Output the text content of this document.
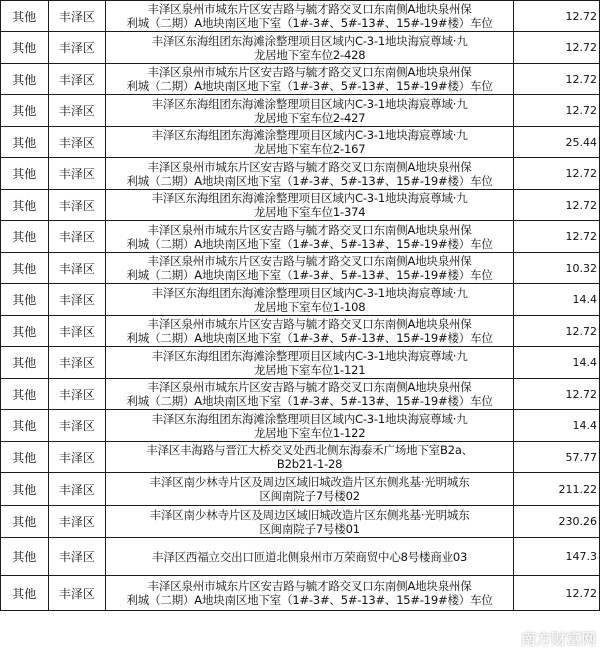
其他	丰泽区	丰泽区泉州市城东片区安吉路与毓才路交叉口东南侧A地块泉州保
利城（二期）A地块南区地下室（1#-3#、5#-13#、15#-19#楼）车位	12.72
其他	丰泽区	丰泽区东海组团东海滩涂整理项目区域内C-3-1地块海宸尊域·九
龙居地下室车位2-428	12.72
其他	丰泽区	丰泽区泉州市城东片区安吉路与毓才路交叉口东南侧A地块泉州保
利城（二期）A地块南区地下室（1#-3#、5#-13#、15#-19#楼）车位	12.72
其他	丰泽区	丰泽区东海组团东海滩涂整理项目区域内C-3-1地块海宸尊域·九
龙居地下室车位2-427	12.72
其他	丰泽区	丰泽区东海组团东海滩涂整理项目区域内C-3-1地块海宸尊域·九
龙居地下室车位2-167	25.44
其他	丰泽区	丰泽区泉州市城东片区安吉路与毓才路交叉口东南侧A地块泉州保
利城（二期）A地块南区地下室（1#-3#、5#-13#、15#-19#楼）车位	12.72
其他	丰泽区	丰泽区东海组团东海滩涂整理项目区域内C-3-1地块海宸尊域·九
龙居地下室车位1-374	12.72
其他	丰泽区	丰泽区泉州市城东片区安吉路与毓才路交叉口东南侧A地块泉州保
利城（二期）A地块南区地下室（1#-3#、5#-13#、15#-19#楼）车位	12.72
其他	丰泽区	丰泽区泉州市城东片区安吉路与毓才路交叉口东南侧A地块泉州保
利城（二期）A地块南区地下室（1#-3#、5#-13#、15#-19#楼）车位	10.32
其他	丰泽区	丰泽区东海组团东海滩涂整理项目区域内C-3-1地块海宸尊域·九
龙居地下室车位1-108	14.4
其他	丰泽区	丰泽区泉州市城东片区安吉路与毓才路交叉口东南侧A地块泉州保
利城（二期）A地块南区地下室（1#-3#、5#-13#、15#-19#楼）车位	12.72
其他	丰泽区	丰泽区东海组团东海滩涂整理项目区域内C-3-1地块海宸尊域·九
龙居地下室车位1-121	14.4
其他	丰泽区	丰泽区泉州市城东片区安吉路与毓才路交叉口东南侧A地块泉州保
利城（二期）A地块南区地下室（1#-3#、5#-13#、15#-19#楼）车位	12.72
其他	丰泽区	丰泽区东海组团东海滩涂整理项目区域内C-3-1地块海宸尊域·九
龙居地下室车位1-122	14.4
其他	丰泽区	丰泽区丰海路与晋江大桥交叉处西北侧东海泰禾广场地下室B2a、
B2b21-1-28	57.77
其他	丰泽区	丰泽区南少林寺片区及周边区域旧城改造片区东侧兆基·光明城东
区闽南院子7号楼02	211.22
其他	丰泽区	丰泽区南少林寺片区及周边区域旧城改造片区东侧兆基·光明城东
区闽南院子7号楼01	230.26
其他	丰泽区	丰泽区西福立交出口匝道北侧泉州市万荣商贸中心8号楼商业03	147.3
其他	丰泽区	丰泽区泉州市城东片区安吉路与毓才路交叉口东南侧A地块泉州保
利城（二期）A地块南区地下室（1#-3#、5#-13#、15#-19#楼）车位	12.72
南方财富网
